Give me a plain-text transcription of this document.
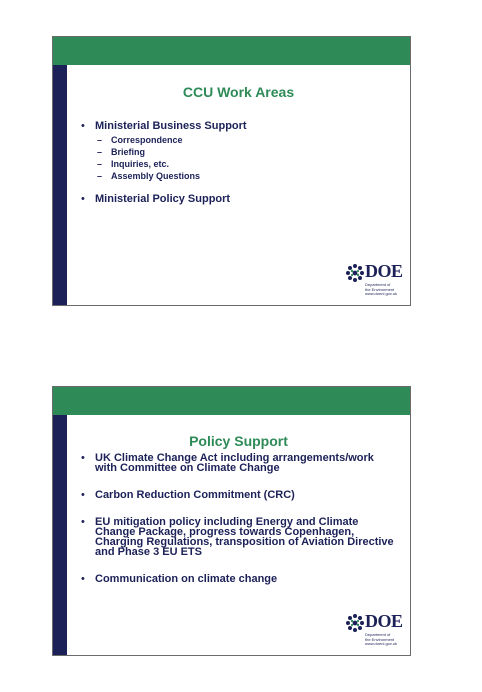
CCU Work Areas
• Ministerial Business Support
– Correspondence
– Briefing
– Inquiries, etc.
– Assembly Questions
• Ministerial Policy Support
DOE
Department of
the Environment
www.doeni.gov.uk
Policy Support
• UK Climate Change Act including arrangements/work with Committee on Climate Change
• Carbon Reduction Commitment (CRC)
• EU mitigation policy including Energy and Climate Change Package, progress towards Copenhagen, Charging Regulations, transposition of Aviation Directive and Phase 3 EU ETS
• Communication on climate change
DOE
Department of
the Environment
www.doeni.gov.uk
